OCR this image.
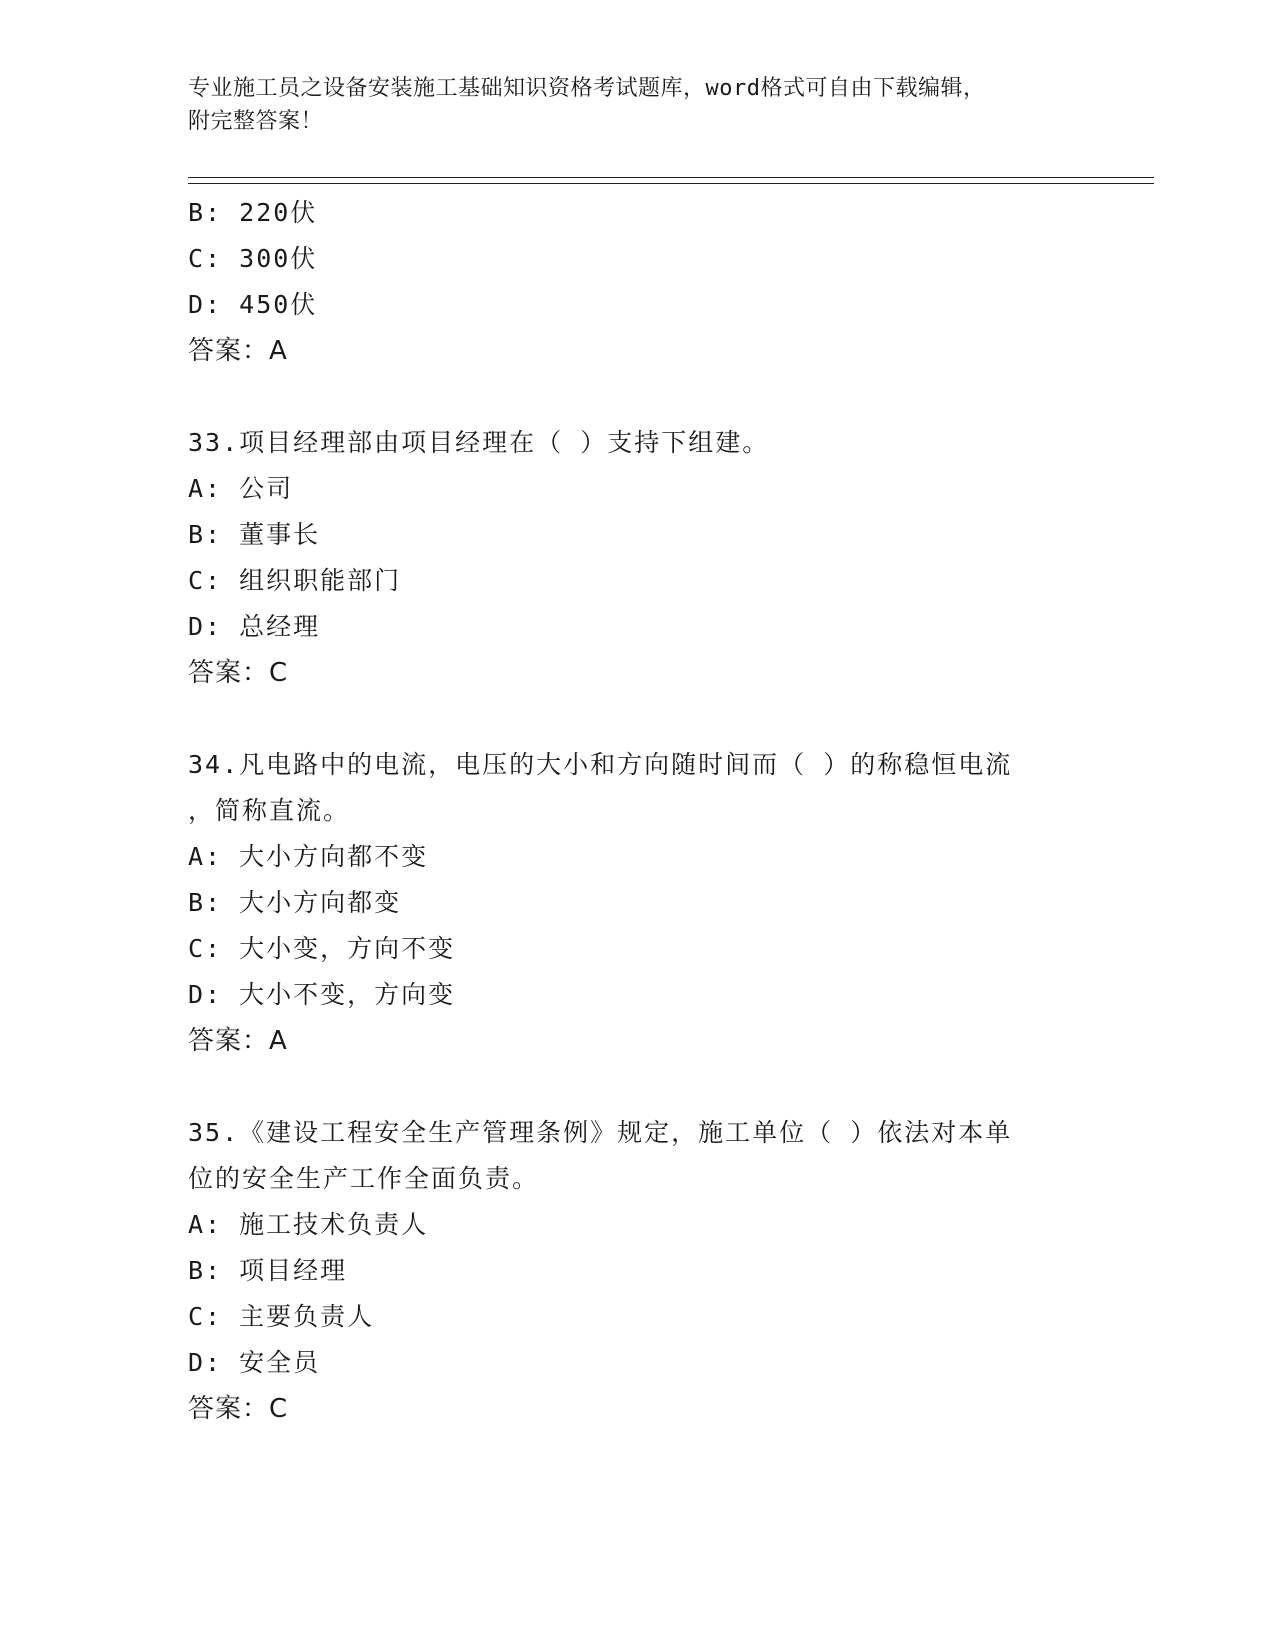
专业施工员之设备安装施工基础知识资格考试题库，word格式可自由下载编辑，
附完整答案！
B: 220伏
C: 300伏
D: 450伏
答案：A
33.项目经理部由项目经理在（ ）支持下组建。
A: 公司
B: 董事长
C: 组织职能部门
D: 总经理
答案：C
34.凡电路中的电流，电压的大小和方向随时间而（ ）的称稳恒电流
，简称直流。
A: 大小方向都不变
B: 大小方向都变
C: 大小变，方向不变
D: 大小不变，方向变
答案：A
35.《建设工程安全生产管理条例》规定，施工单位（ ）依法对本单
位的安全生产工作全面负责。
A: 施工技术负责人
B: 项目经理
C: 主要负责人
D: 安全员
答案：C
